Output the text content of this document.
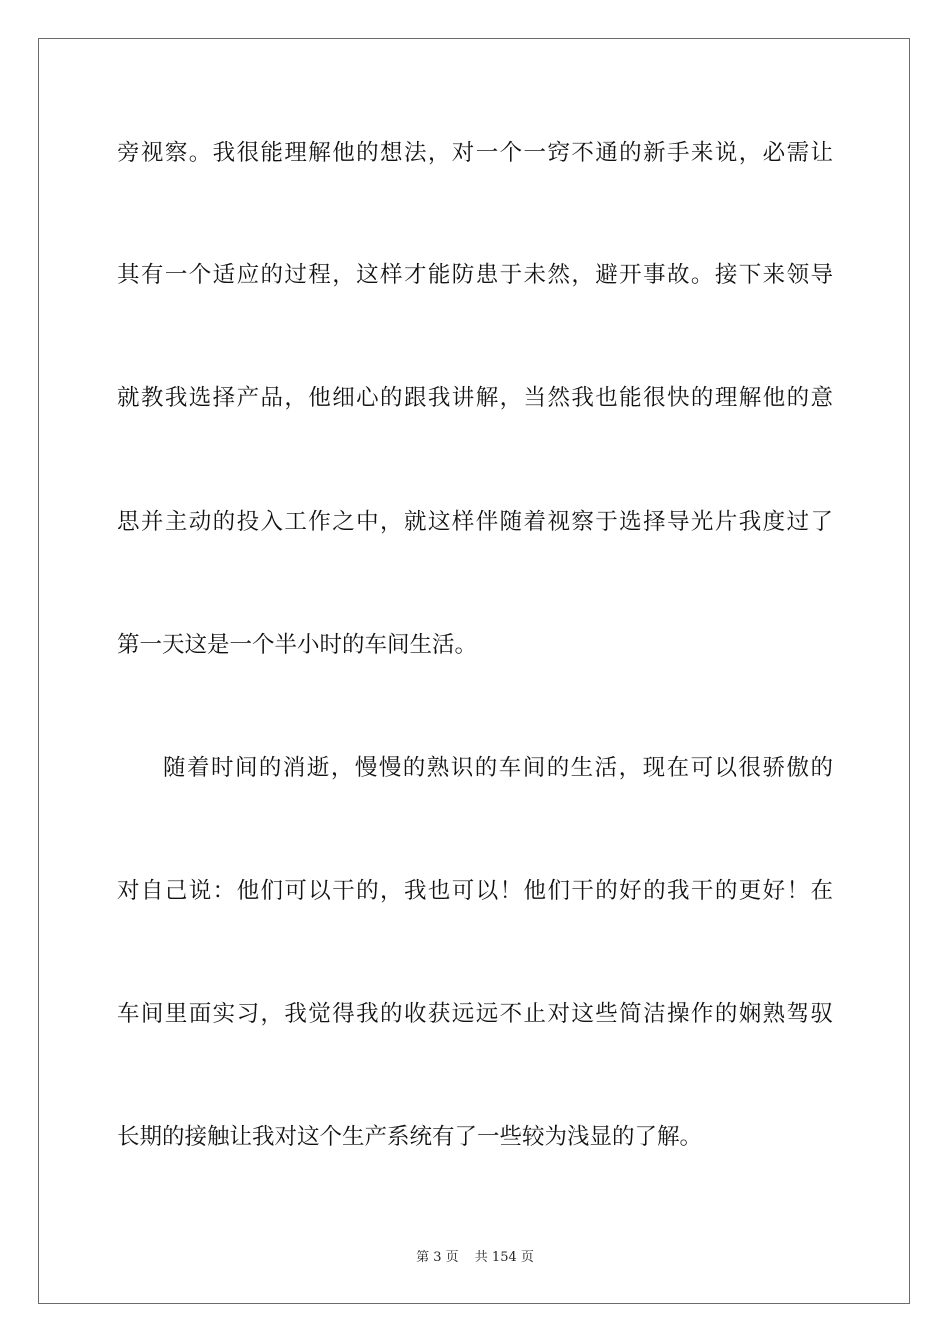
旁视察。我很能理解他的想法，对一个一窍不通的新手来说，必需让
其有一个适应的过程，这样才能防患于未然，避开事故。接下来领导
就教我选择产品，他细心的跟我讲解，当然我也能很快的理解他的意
思并主动的投入工作之中，就这样伴随着视察于选择导光片我度过了
第一天这是一个半小时的车间生活。
随着时间的消逝，慢慢的熟识的车间的生活，现在可以很骄傲的
对自己说：他们可以干的，我也可以！他们干的好的我干的更好！在
车间里面实习，我觉得我的收获远远不止对这些简洁操作的娴熟驾驭
长期的接触让我对这个生产系统有了一些较为浅显的了解。
第 3 页 共 154 页
